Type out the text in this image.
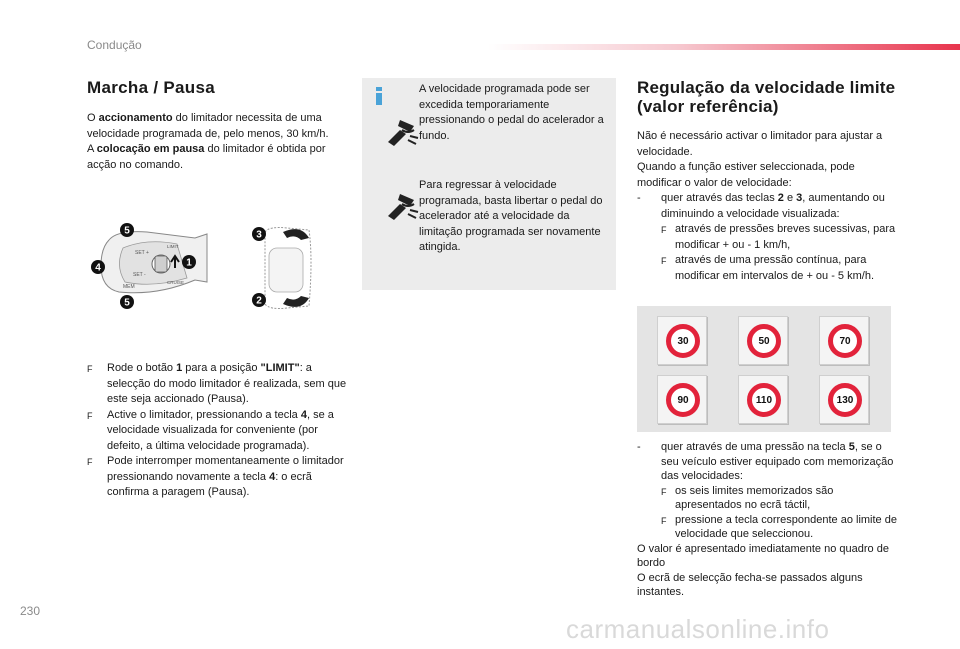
Condução
Marcha / Pausa

O accionamento do limitador necessita de uma velocidade programada de, pelo menos, 30 km/h.

A colocação em pausa do limitador é obtida por acção no comando.

SET +
SET -
MEM
LIMIT
CRUISE
5
4
5
1
3
2
F	Rode o botão 1 para a posição "LIMIT": a selecção do modo limitador é realizada, sem que este seja accionado (Pausa).
F	Active o limitador, pressionando a tecla 4, se a velocidade visualizada for conveniente (por defeito, a última velocidade programada).
F	Pode interromper momentaneamente o limitador pressionando novamente a tecla 4: o ecrã confirma a paragem (Pausa).
A velocidade programada pode ser excedida temporariamente pressionando o pedal do acelerador a fundo.
Para regressar à velocidade programada, basta libertar o pedal do acelerador até a velocidade da limitação programada ser novamente atingida.
Regulação da velocidade limite (valor referência)

Não é necessário activar o limitador para ajustar a velocidade.

Quando a função estiver seleccionada, pode modificar o valor de velocidade:

-	quer através das teclas 2 e 3, aumentando ou diminuindo a velocidade visualizada:
F através de pressões breves sucessivas, para modificar + ou - 1 km/h,
F através de uma pressão contínua, para modificar em intervalos de + ou - 5 km/h.
30	50	70
90	110	130
-	quer através de uma pressão na tecla 5, se o seu veículo estiver equipado com memorização das velocidades:
F os seis limites memorizados são apresentados no ecrã táctil,
F pressione a tecla correspondente ao limite de velocidade que seleccionou.

O valor é apresentado imediatamente no quadro de bordo

O ecrã de selecção fecha-se passados alguns instantes.

230
carmanualsonline.info
